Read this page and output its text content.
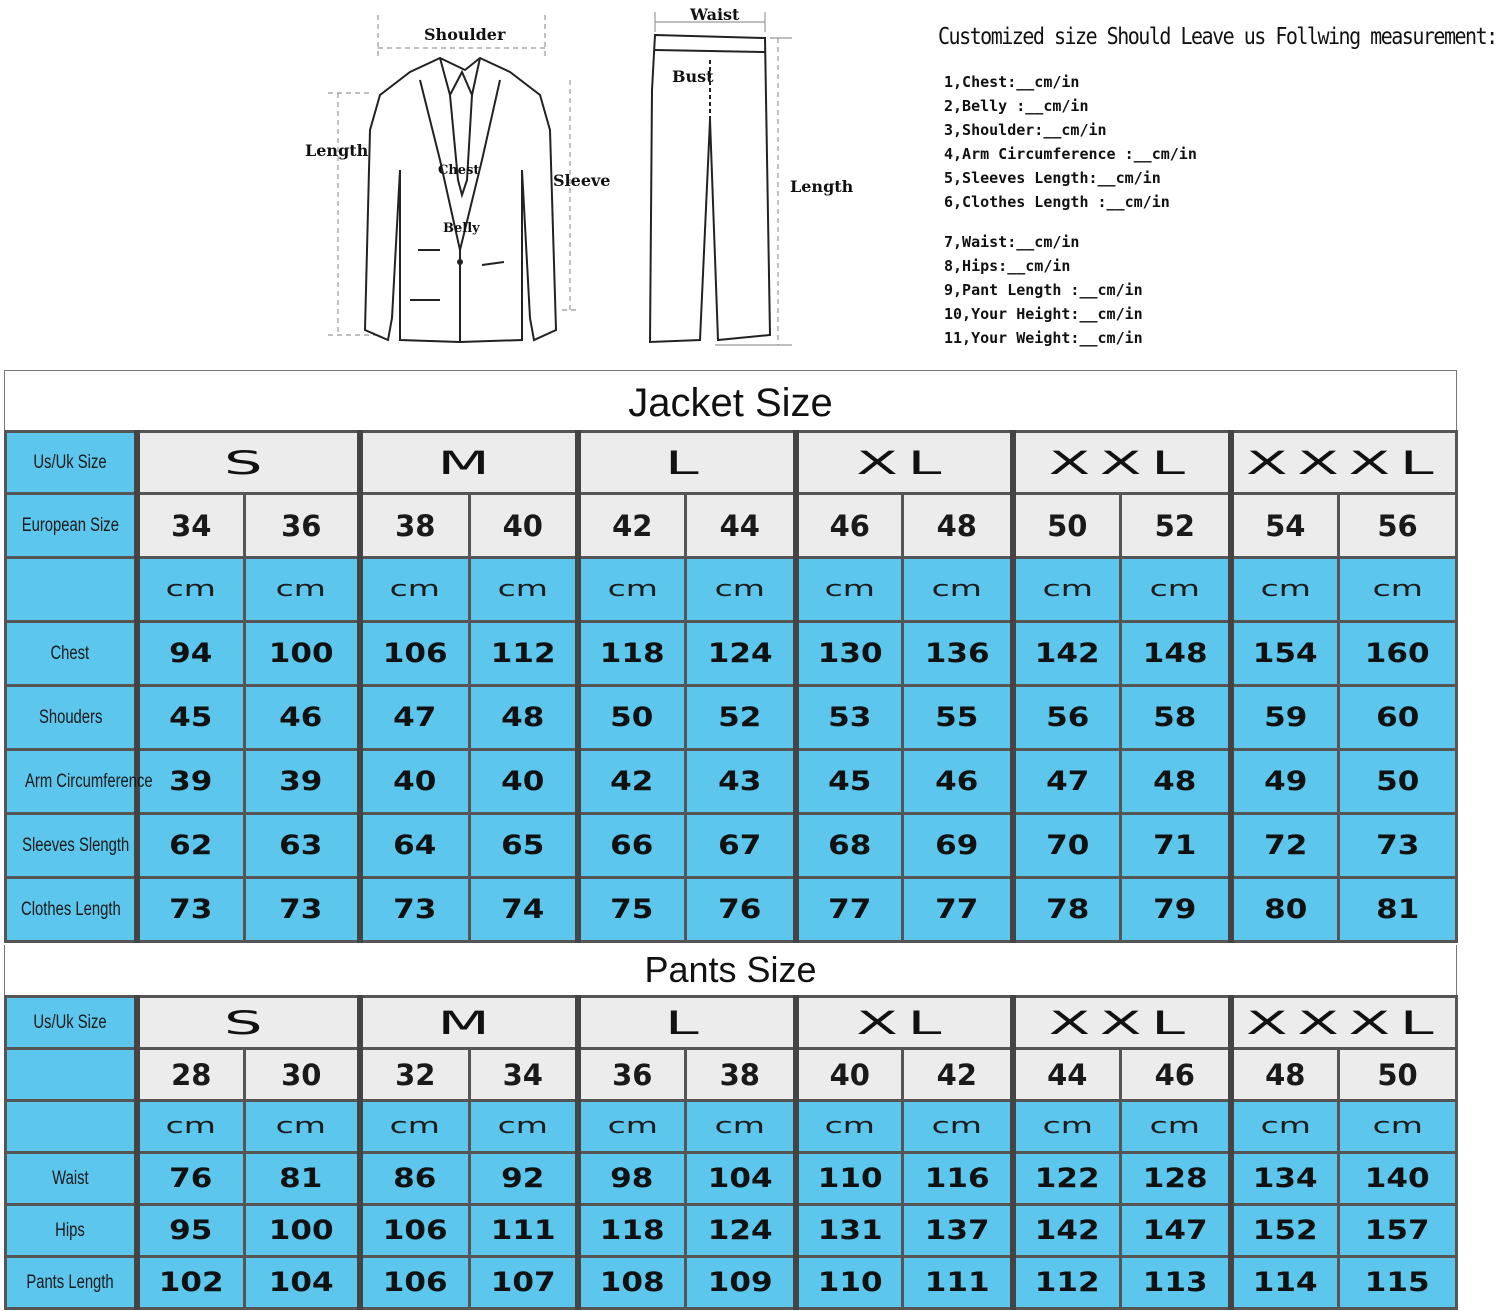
Shoulder
Length
Chest
Sleeve
Belly
Waist
Bust
Length
Customized size Should Leave us Follwing measurement:
1,Chest:__cm/in
2,Belly :__cm/in
3,Shoulder:__cm/in
4,Arm Circumference :__cm/in
5,Sleeves Length:__cm/in
6,Clothes Length :__cm/in
7,Waist:__cm/in
8,Hips:__cm/in
9,Pant Length :__cm/in
10,Your Height:__cm/in
11,Your Weight:__cm/in
Jacket Size
Us/Uk Size	S		M		L		XL		XXL		XXXL	
European Size	34	36	38	40	42	44	46	48	50	52	54	56
	cm	cm	cm	cm	cm	cm	cm	cm	cm	cm	cm	cm
Chest	94	100	106	112	118	124	130	136	142	148	154	160
Shouders	45	46	47	48	50	52	53	55	56	58	59	60
Arm Circumference	39	39	40	40	42	43	45	46	47	48	49	50
Sleeves Slength	62	63	64	65	66	67	68	69	70	71	72	73
Clothes Length	73	73	73	74	75	76	77	77	78	79	80	81
Pants Size
Us/Uk Size	S		M		L		XL		XXL		XXXL	
	28	30	32	34	36	38	40	42	44	46	48	50
	cm	cm	cm	cm	cm	cm	cm	cm	cm	cm	cm	cm
Waist	76	81	86	92	98	104	110	116	122	128	134	140
Hips	95	100	106	111	118	124	131	137	142	147	152	157
Pants Length	102	104	106	107	108	109	110	111	112	113	114	115
